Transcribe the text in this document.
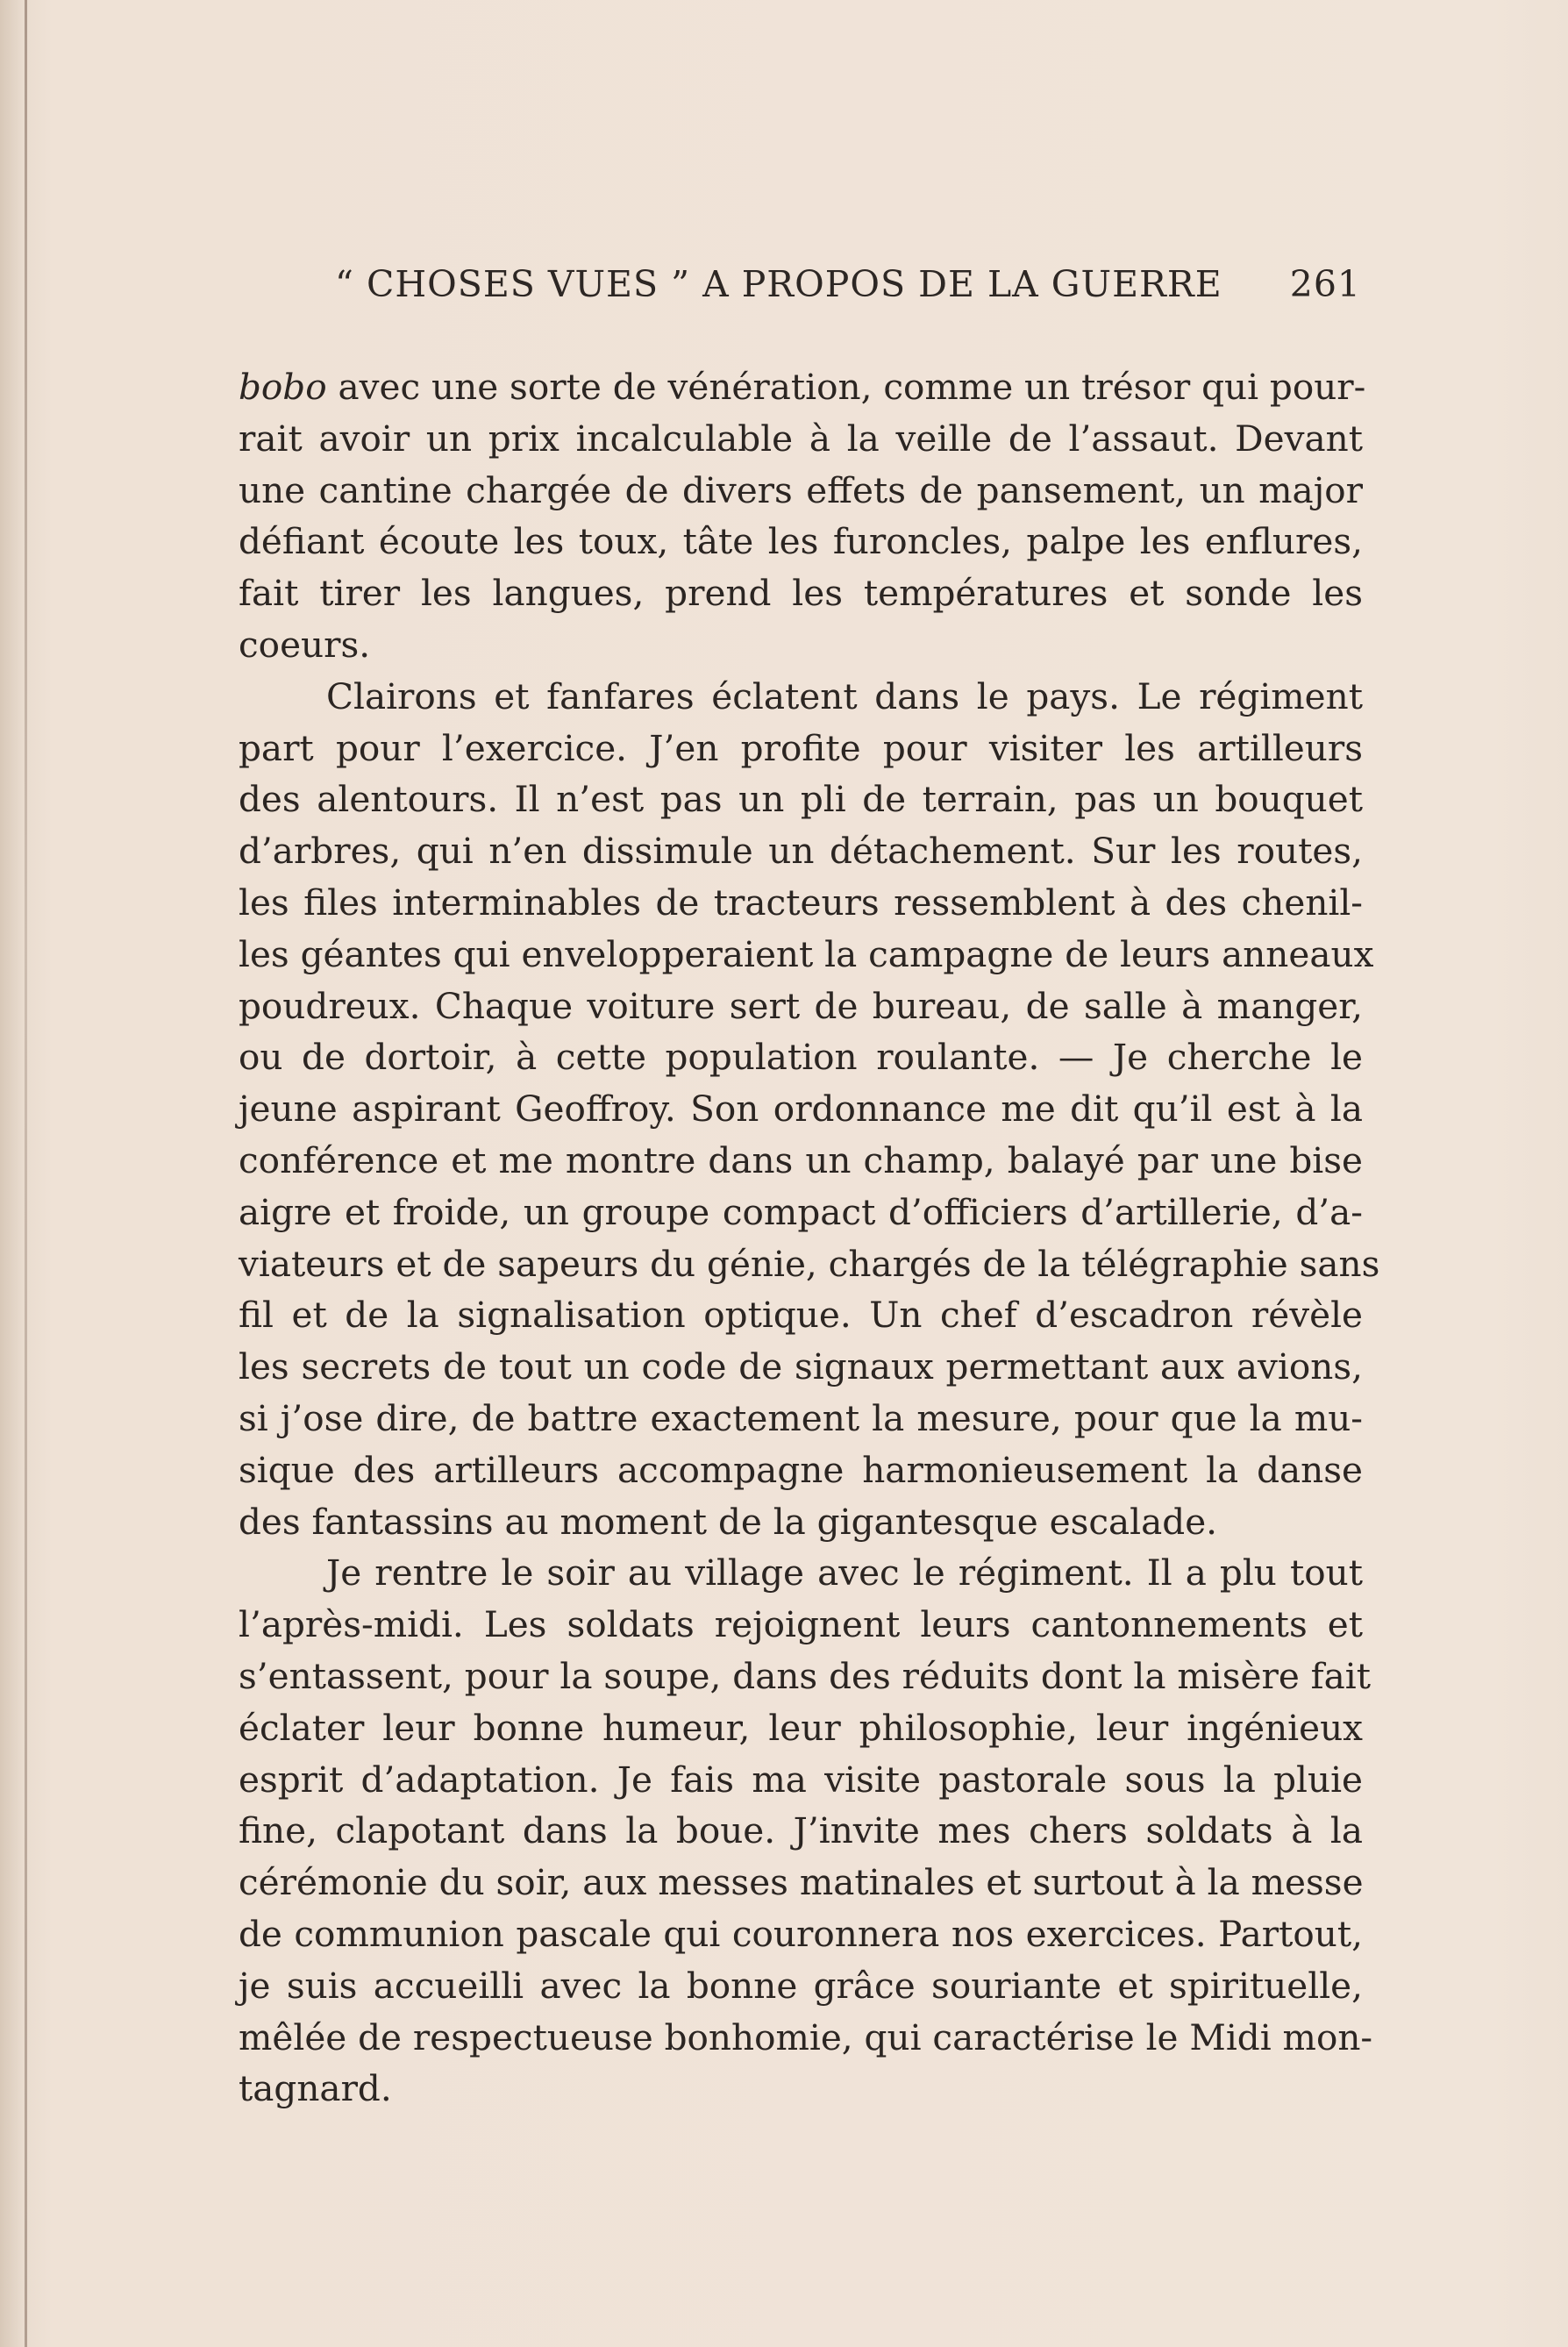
“ CHOSES VUES ” A PROPOS DE LA GUERRE 261

bobo avec une sorte de vénération, comme un trésor qui pour-
rait avoir un prix incalculable à la veille de l’assaut. Devant
une cantine chargée de divers effets de pansement, un major
défiant écoute les toux, tâte les furoncles, palpe les enflures,
fait tirer les langues, prend les températures et sonde les
coeurs.

Clairons et fanfares éclatent dans le pays. Le régiment
part pour l’exercice. J’en profite pour visiter les artilleurs
des alentours. Il n’est pas un pli de terrain, pas un bouquet
d’arbres, qui n’en dissimule un détachement. Sur les routes,
les files interminables de tracteurs ressemblent à des chenil-
les géantes qui envelopperaient la campagne de leurs anneaux
poudreux. Chaque voiture sert de bureau, de salle à manger,
ou de dortoir, à cette population roulante. — Je cherche le
jeune aspirant Geoffroy. Son ordonnance me dit qu’il est à la
conférence et me montre dans un champ, balayé par une bise
aigre et froide, un groupe compact d’officiers d’artillerie, d’a-
viateurs et de sapeurs du génie, chargés de la télégraphie sans
fil et de la signalisation optique. Un chef d’escadron révèle
les secrets de tout un code de signaux permettant aux avions,
si j’ose dire, de battre exactement la mesure, pour que la mu-
sique des artilleurs accompagne harmonieusement la danse
des fantassins au moment de la gigantesque escalade.

Je rentre le soir au village avec le régiment. Il a plu tout
l’après-midi. Les soldats rejoignent leurs cantonnements et
s’entassent, pour la soupe, dans des réduits dont la misère fait
éclater leur bonne humeur, leur philosophie, leur ingénieux
esprit d’adaptation. Je fais ma visite pastorale sous la pluie
fine, clapotant dans la boue. J’invite mes chers soldats à la
cérémonie du soir, aux messes matinales et surtout à la messe
de communion pascale qui couronnera nos exercices. Partout,
je suis accueilli avec la bonne grâce souriante et spirituelle,
mêlée de respectueuse bonhomie, qui caractérise le Midi mon-
tagnard.
